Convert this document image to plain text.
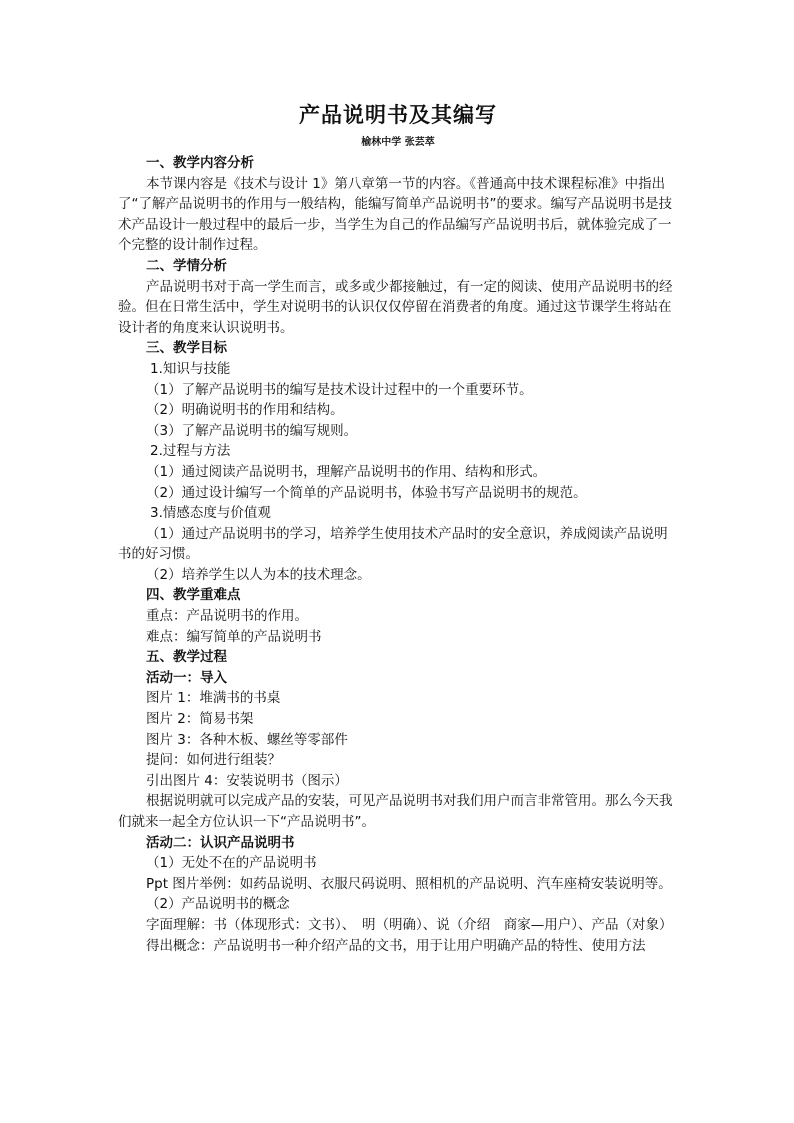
产品说明书及其编写
榆林中学 张芸萃
一、教学内容分析
本节课内容是《技术与设计 1》第八章第一节的内容。《普通高中技术课程标准》中指出了“了解产品说明书的作用与一般结构，能编写简单产品说明书”的要求。编写产品说明书是技术产品设计一般过程中的最后一步，当学生为自己的作品编写产品说明书后，就体验完成了一个完整的设计制作过程。
二、学情分析
产品说明书对于高一学生而言，或多或少都接触过，有一定的阅读、使用产品说明书的经验。但在日常生活中，学生对说明书的认识仅仅停留在消费者的角度。通过这节课学生将站在设计者的角度来认识说明书。
三、教学目标
1.知识与技能
（1）了解产品说明书的编写是技术设计过程中的一个重要环节。
（2）明确说明书的作用和结构。
（3）了解产品说明书的编写规则。
2.过程与方法
（1）通过阅读产品说明书，理解产品说明书的作用、结构和形式。
（2）通过设计编写一个简单的产品说明书，体验书写产品说明书的规范。
3.情感态度与价值观
（1）通过产品说明书的学习，培养学生使用技术产品时的安全意识，养成阅读产品说明书的好习惯。
（2）培养学生以人为本的技术理念。
四、教学重难点
重点：产品说明书的作用。
难点：编写简单的产品说明书
五、教学过程
活动一：导入
图片 1：堆满书的书桌
图片 2：简易书架
图片 3：各种木板、螺丝等零部件
提问：如何进行组装？
引出图片 4：安装说明书（图示）
根据说明就可以完成产品的安装，可见产品说明书对我们用户而言非常管用。那么今天我们就来一起全方位认识一下“产品说明书”。
活动二：认识产品说明书
（1）无处不在的产品说明书
Ppt 图片举例：如药品说明、衣服尺码说明、照相机的产品说明、汽车座椅安装说明等。
（2）产品说明书的概念
字面理解：书（体现形式：文书）、　明（明确）、说（介绍　商家—用户）、产品（对象）
得出概念：产品说明书一种介绍产品的文书，用于让用户明确产品的特性、使用方法
